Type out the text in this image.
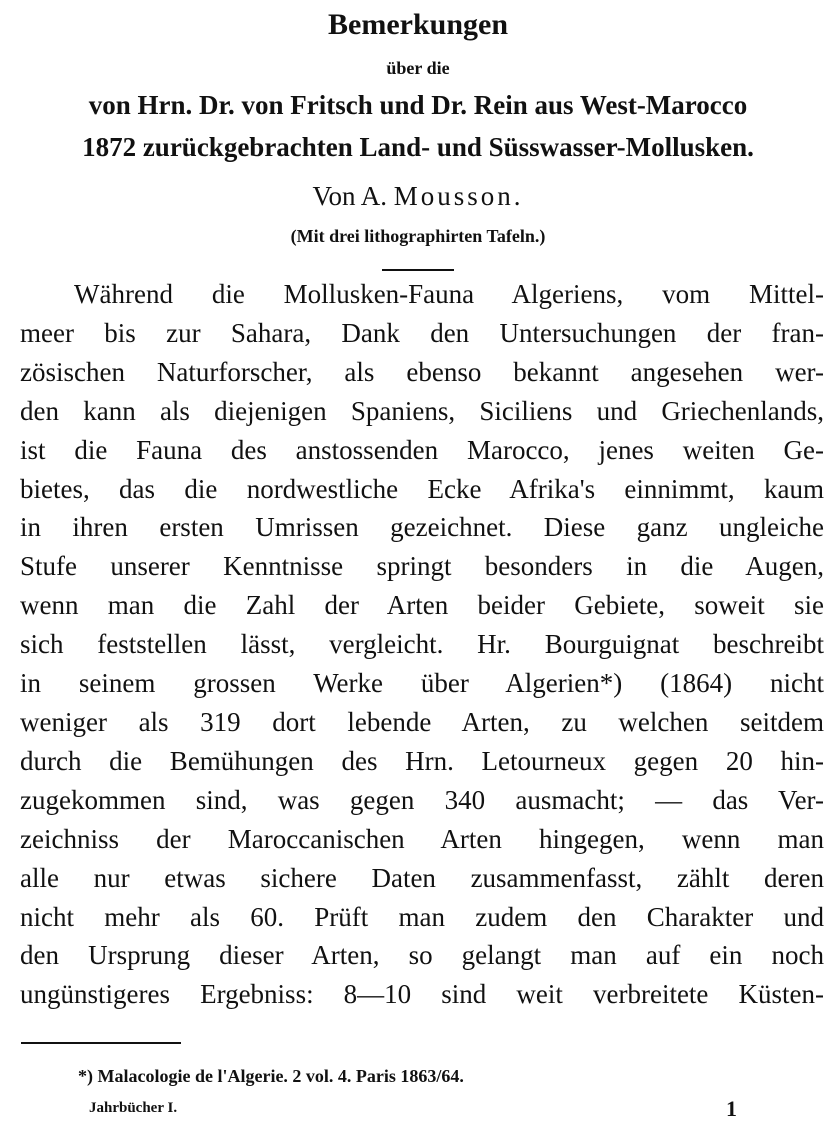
Bemerkungen
über die
von Hrn. Dr. von Fritsch und Dr. Rein aus West-Marocco
1872 zurückgebrachten Land- und Süsswasser-Mollusken.
Von A. Mousson.
(Mit drei lithographirten Tafeln.)
Während die Mollusken-Fauna Algeriens, vom Mittel-
meer bis zur Sahara, Dank den Untersuchungen der fran-
zösischen Naturforscher, als ebenso bekannt angesehen wer-
den kann als diejenigen Spaniens, Siciliens und Griechenlands,
ist die Fauna des anstossenden Marocco, jenes weiten Ge-
bietes, das die nordwestliche Ecke Afrika's einnimmt, kaum
in ihren ersten Umrissen gezeichnet. Diese ganz ungleiche
Stufe unserer Kenntnisse springt besonders in die Augen,
wenn man die Zahl der Arten beider Gebiete, soweit sie
sich feststellen lässt, vergleicht. Hr. Bourguignat beschreibt
in seinem grossen Werke über Algerien*) (1864) nicht
weniger als 319 dort lebende Arten, zu welchen seitdem
durch die Bemühungen des Hrn. Letourneux gegen 20 hin-
zugekommen sind, was gegen 340 ausmacht; — das Ver-
zeichniss der Maroccanischen Arten hingegen, wenn man
alle nur etwas sichere Daten zusammenfasst, zählt deren
nicht mehr als 60. Prüft man zudem den Charakter und
den Ursprung dieser Arten, so gelangt man auf ein noch
ungünstigeres Ergebniss: 8—10 sind weit verbreitete Küsten-
*) Malacologie de l'Algerie. 2 vol. 4. Paris 1863/64.
Jahrbücher I.	1
